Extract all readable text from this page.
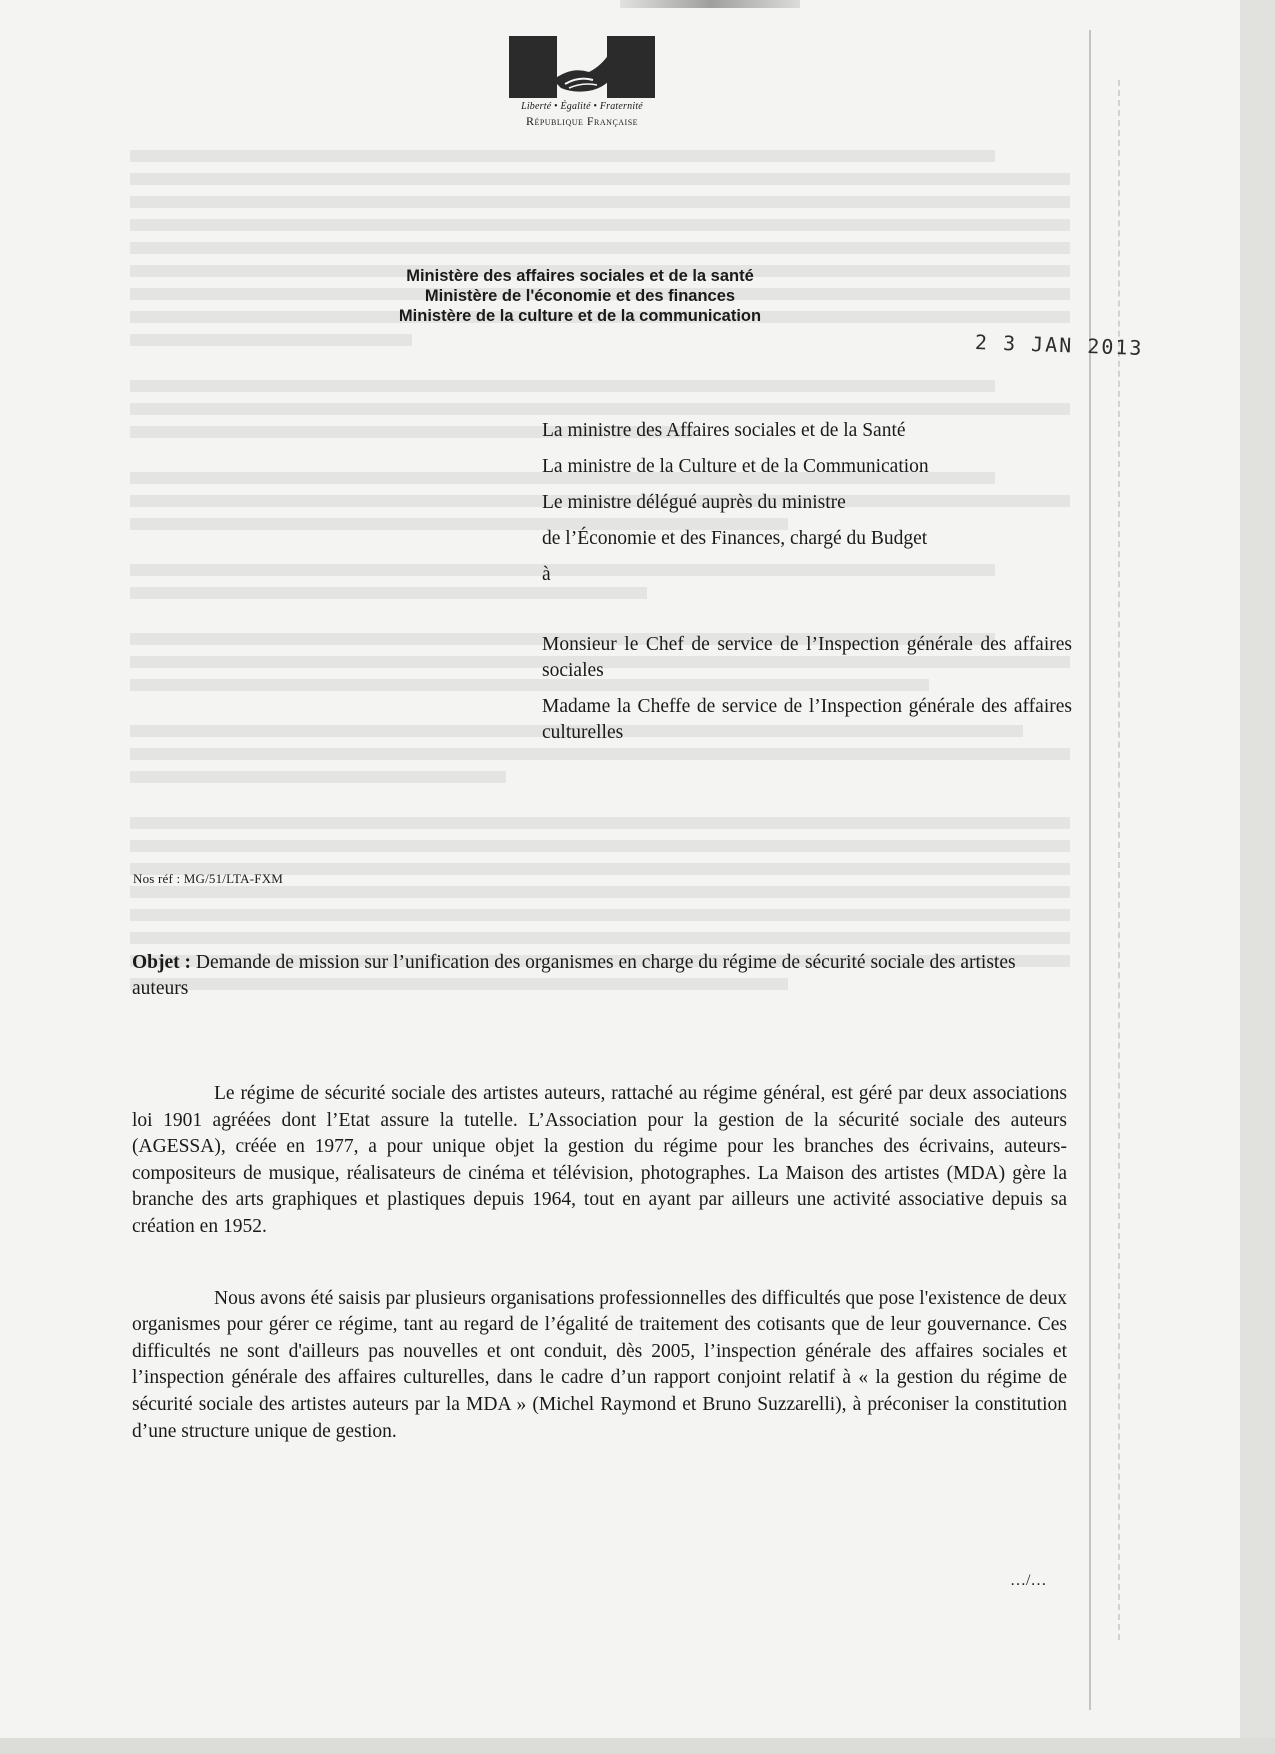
Liberté • Égalité • Fraternité
République Française
Ministère des affaires sociales et de la santé
Ministère de l'économie et des finances
Ministère de la culture et de la communication
2 3 JAN 2013
La ministre des Affaires sociales et de la Santé
La ministre de la Culture et de la Communication
Le ministre délégué auprès du ministre
de l’Économie et des Finances, chargé du Budget
à
Monsieur le Chef de service de l’Inspection générale des affaires sociales
Madame la Cheffe de service de l’Inspection générale des affaires culturelles
Nos réf : MG/51/LTA-FXM
Objet : Demande de mission sur l’unification des organismes en charge du régime de sécurité sociale des artistes auteurs

Le régime de sécurité sociale des artistes auteurs, rattaché au régime général, est géré par deux associations loi 1901 agréées dont l’Etat assure la tutelle. L’Association pour la gestion de la sécurité sociale des auteurs (AGESSA), créée en 1977, a pour unique objet la gestion du régime pour les branches des écrivains, auteurs-compositeurs de musique, réalisateurs de cinéma et télévision, photographes. La Maison des artistes (MDA) gère la branche des arts graphiques et plastiques depuis 1964, tout en ayant par ailleurs une activité associative depuis sa création en 1952.

Nous avons été saisis par plusieurs organisations professionnelles des difficultés que pose l'existence de deux organismes pour gérer ce régime, tant au regard de l’égalité de traitement des cotisants que de leur gouvernance. Ces difficultés ne sont d'ailleurs pas nouvelles et ont conduit, dès 2005, l’inspection générale des affaires sociales et l’inspection générale des affaires culturelles, dans le cadre d’un rapport conjoint relatif à « la gestion du régime de sécurité sociale des artistes auteurs par la MDA » (Michel Raymond et Bruno Suzzarelli), à préconiser la constitution d’une structure unique de gestion.

…/…
